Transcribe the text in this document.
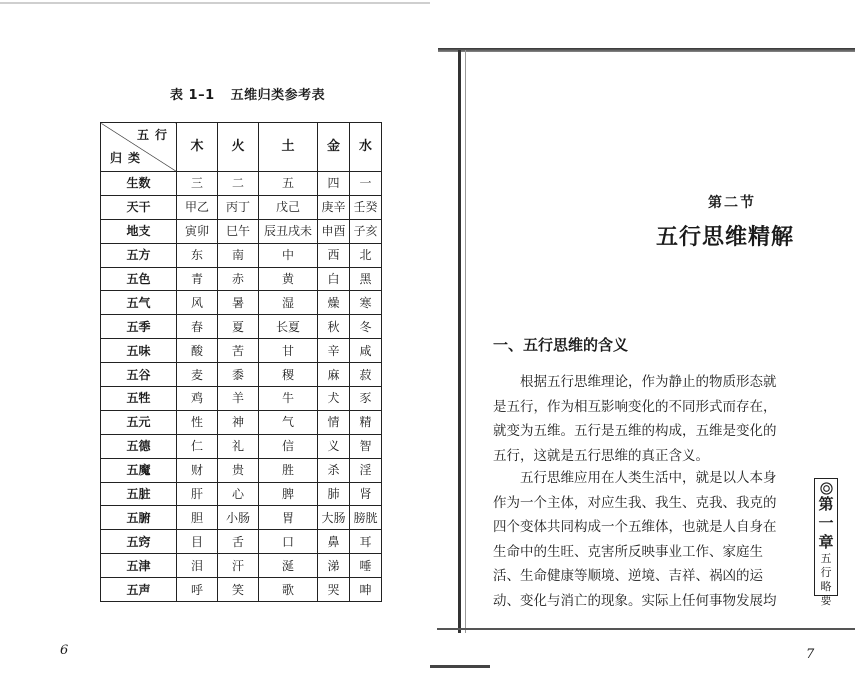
表 1–1 五维归类参考表
五 行
归 类	木	火	土	金	水
生数	三	二	五	四	一
天干	甲乙	丙丁	戊己	庚辛	壬癸
地支	寅卯	巳午	辰丑戌未	申酉	子亥
五方	东	南	中	西	北
五色	青	赤	黄	白	黑
五气	风	暑	湿	燥	寒
五季	春	夏	长夏	秋	冬
五味	酸	苦	甘	辛	咸
五谷	麦	黍	稷	麻	菽
五牲	鸡	羊	牛	犬	豕
五元	性	神	气	情	精
五德	仁	礼	信	义	智
五魔	财	贵	胜	杀	淫
五脏	肝	心	脾	肺	肾
五腑	胆	小肠	胃	大肠	膀胱
五窍	目	舌	口	鼻	耳
五津	泪	汗	涎	涕	唾
五声	呼	笑	歌	哭	呻
6
第二节
五行思维精解
一、五行思维的含义
根据五行思维理论，作为静止的物质形态就
是五行，作为相互影响变化的不同形式而存在，
就变为五维。五行是五维的构成，五维是变化的
五行，这就是五行思维的真正含义。
五行思维应用在人类生活中，就是以人本身
作为一个主体，对应生我、我生、克我、我克的
四个变体共同构成一个五维体，也就是人自身在
生命中的生旺、克害所反映事业工作、家庭生
活、生命健康等顺境、逆境、吉祥、祸凶的运
动、变化与消亡的现象。实际上任何事物发展均
第
一
章
五
行
略
要
7
